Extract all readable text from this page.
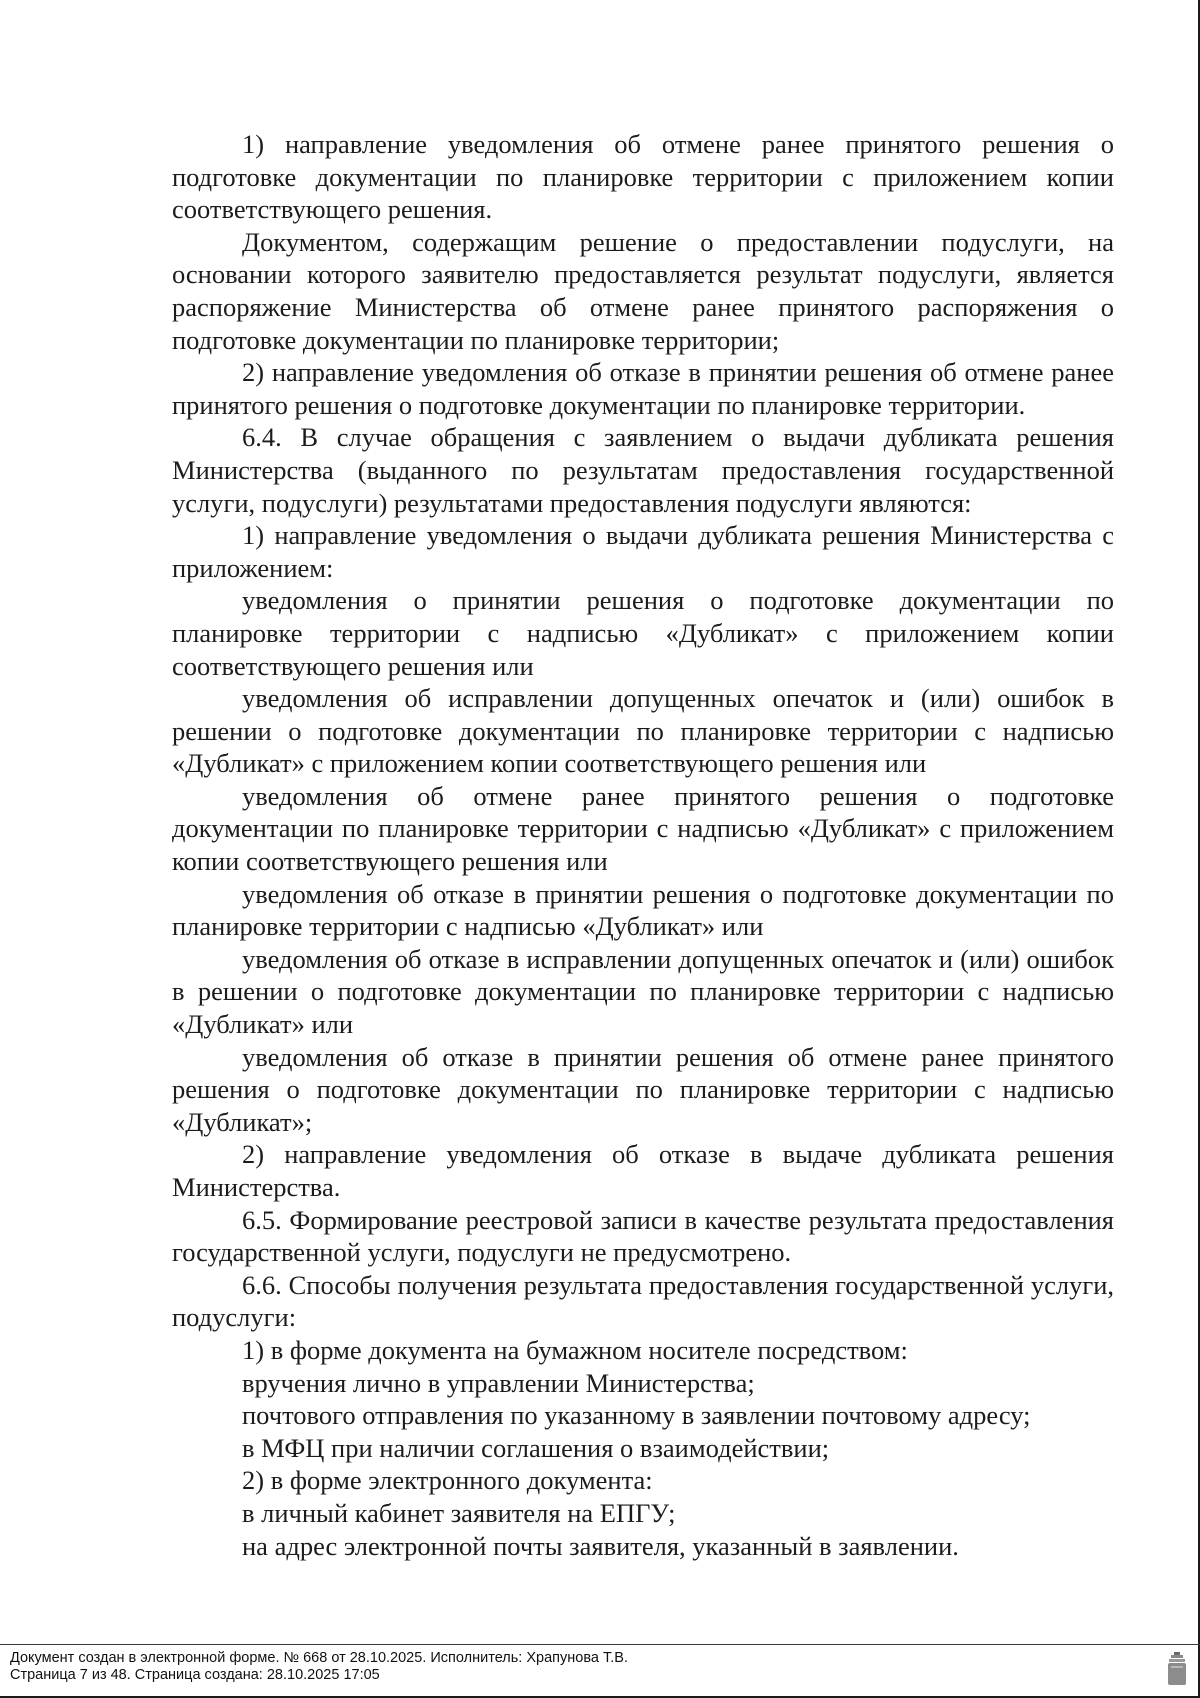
1) направление уведомления об отмене ранее принятого решения о подготовке документации по планировке территории с приложением копии соответствующего решения.

Документом, содержащим решение о предоставлении подуслуги, на основании которого заявителю предоставляется результат подуслуги, является распоряжение Министерства об отмене ранее принятого распоряжения о подготовке документации по планировке территории;

2) направление уведомления об отказе в принятии решения об отмене ранее принятого решения о подготовке документации по планировке территории.

6.4. В случае обращения с заявлением о выдачи дубликата решения Министерства (выданного по результатам предоставления государственной услуги, подуслуги) результатами предоставления подуслуги являются:

1) направление уведомления о выдачи дубликата решения Министерства с приложением:

уведомления о принятии решения о подготовке документации по планировке территории с надписью «Дубликат» с приложением копии соответствующего решения или

уведомления об исправлении допущенных опечаток и (или) ошибок в решении о подготовке документации по планировке территории с надписью «Дубликат» с приложением копии соответствующего решения или

уведомления об отмене ранее принятого решения о подготовке документации по планировке территории с надписью «Дубликат» с приложением копии соответствующего решения или

уведомления об отказе в принятии решения о подготовке документации по планировке территории с надписью «Дубликат» или

уведомления об отказе в исправлении допущенных опечаток и (или) ошибок в решении о подготовке документации по планировке территории с надписью «Дубликат» или

уведомления об отказе в принятии решения об отмене ранее принятого решения о подготовке документации по планировке территории с надписью «Дубликат»;

2) направление уведомления об отказе в выдаче дубликата решения Министерства.

6.5. Формирование реестровой записи в качестве результата предоставления государственной услуги, подуслуги не предусмотрено.

6.6. Способы получения результата предоставления государственной услуги, подуслуги:

1) в форме документа на бумажном носителе посредством:

вручения лично в управлении Министерства;

почтового отправления по указанному в заявлении почтовому адресу;

в МФЦ при наличии соглашения о взаимодействии;

2) в форме электронного документа:

в личный кабинет заявителя на ЕПГУ;

на адрес электронной почты заявителя, указанный в заявлении.

Документ создан в электронной форме. № 668 от 28.10.2025. Исполнитель: Храпунова Т.В.
Страница 7 из 48. Страница создана: 28.10.2025 17:05
